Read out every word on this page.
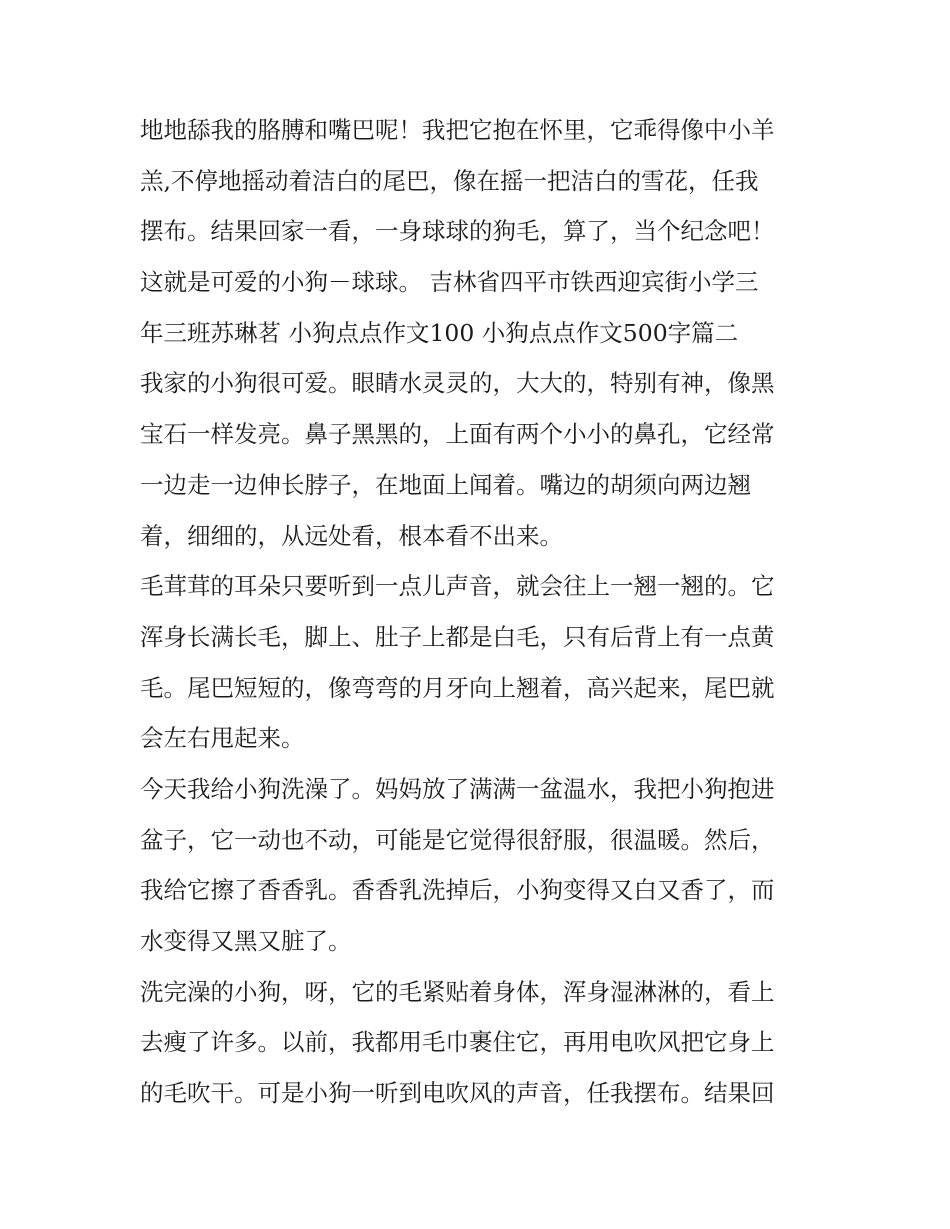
地地舔我的胳膊和嘴巴呢！我把它抱在怀里，它乖得像中小羊
羔,不停地摇动着洁白的尾巴，像在摇一把洁白的雪花，任我
摆布。结果回家一看，一身球球的狗毛，算了，当个纪念吧！
这就是可爱的小狗－球球。 吉林省四平市铁西迎宾街小学三
年三班苏琳茗 小狗点点作文100 小狗点点作文500字篇二
我家的小狗很可爱。眼睛水灵灵的，大大的，特别有神，像黑
宝石一样发亮。鼻子黑黑的，上面有两个小小的鼻孔，它经常
一边走一边伸长脖子，在地面上闻着。嘴边的胡须向两边翘
着，细细的，从远处看，根本看不出来。
毛茸茸的耳朵只要听到一点儿声音，就会往上一翘一翘的。它
浑身长满长毛，脚上、肚子上都是白毛，只有后背上有一点黄
毛。尾巴短短的，像弯弯的月牙向上翘着，高兴起来，尾巴就
会左右甩起来。
今天我给小狗洗澡了。妈妈放了满满一盆温水，我把小狗抱进
盆子，它一动也不动，可能是它觉得很舒服，很温暖。然后，
我给它擦了香香乳。香香乳洗掉后，小狗变得又白又香了，而
水变得又黑又脏了。
洗完澡的小狗，呀，它的毛紧贴着身体，浑身湿淋淋的，看上
去瘦了许多。以前，我都用毛巾裹住它，再用电吹风把它身上
的毛吹干。可是小狗一听到电吹风的声音，任我摆布。结果回
